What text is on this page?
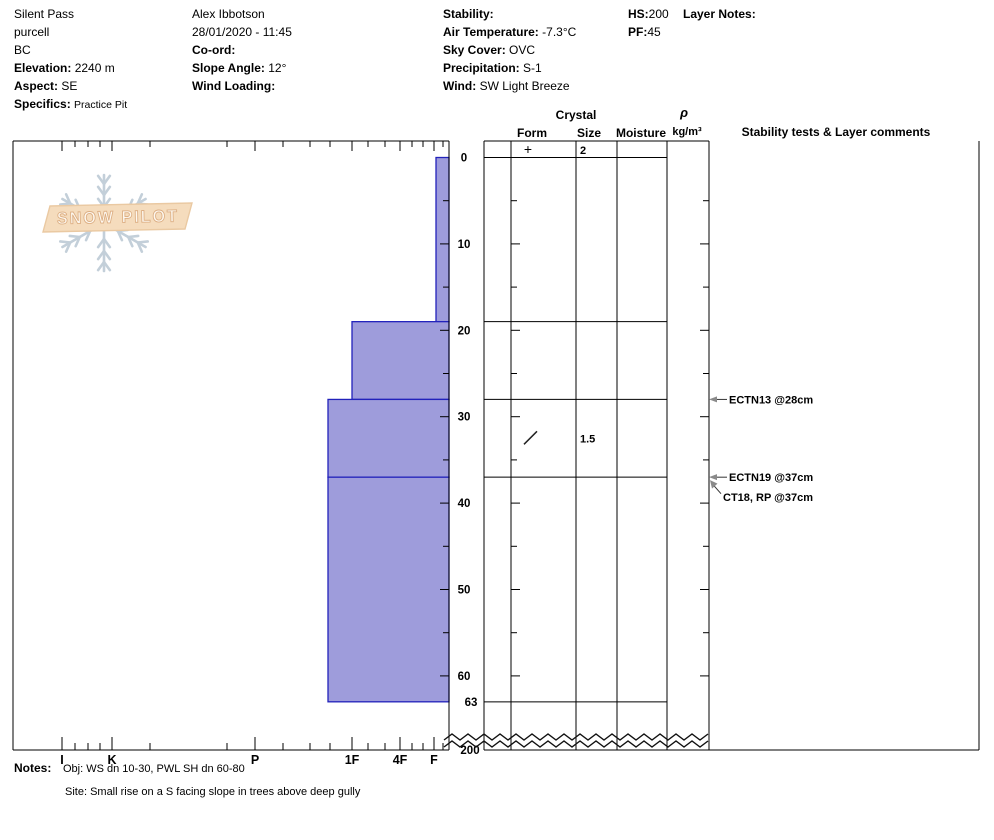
Silent Pass
purcell
BC
Elevation: 2240 m
Aspect: SE
Specifics: Practice Pit
Alex Ibbotson
28/01/2020 - 11:45
Co-ord:
Slope Angle: 12°
Wind Loading:
Stability:
Air Temperature: -7.3°C
Sky Cover: OVC
Precipitation: S-1
Wind: SW Light Breeze
HS:200
PF:45
Layer Notes:
SNOW PILOT
I	K	P	1F	4F F
0
10
20
30
40
50
60
63
200
Crystal
Form Size Moisture
ρ
kg/m³	Stability tests & Layer comments
+	2
1.5
ECTN13 @28cm
ECTN19 @37cm
CT18, RP @37cm
Notes: Obj: WS dn 10-30, PWL SH dn 60-80
Site: Small rise on a S facing slope in trees above deep gully
